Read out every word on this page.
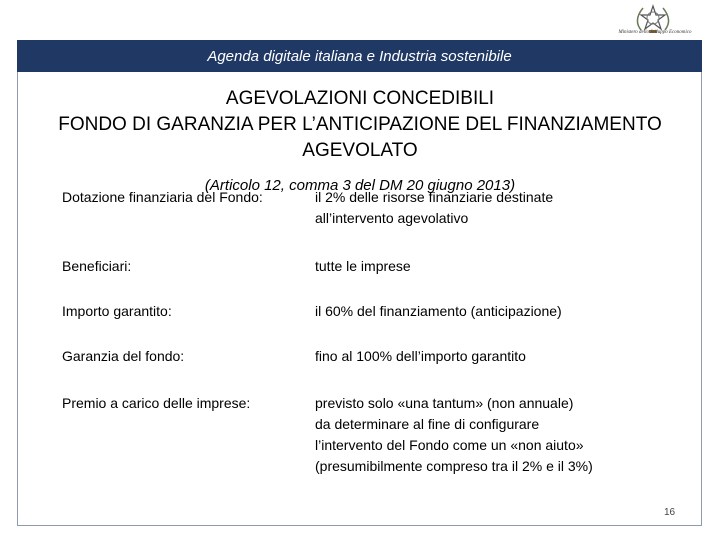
Ministero dello Sviluppo Economico
Agenda digitale italiana e Industria sostenibile
AGEVOLAZIONI CONCEDIBILI
FONDO DI GARANZIA PER L’ANTICIPAZIONE DEL FINANZIAMENTO
AGEVOLATO
(Articolo 12, comma 3 del DM 20 giugno 2013)
Dotazione finanziaria del Fondo:	il 2% delle risorse finanziarie destinate
all’intervento agevolativo
Beneficiari:	tutte le imprese
Importo garantito:	il 60% del finanziamento (anticipazione)
Garanzia del fondo:	fino al 100% dell’importo garantito
Premio a carico delle imprese:	previsto solo «una tantum» (non annuale)
da determinare al fine di configurare
l’intervento del Fondo come un «non aiuto»
(presumibilmente compreso tra il 2% e il 3%)
16
